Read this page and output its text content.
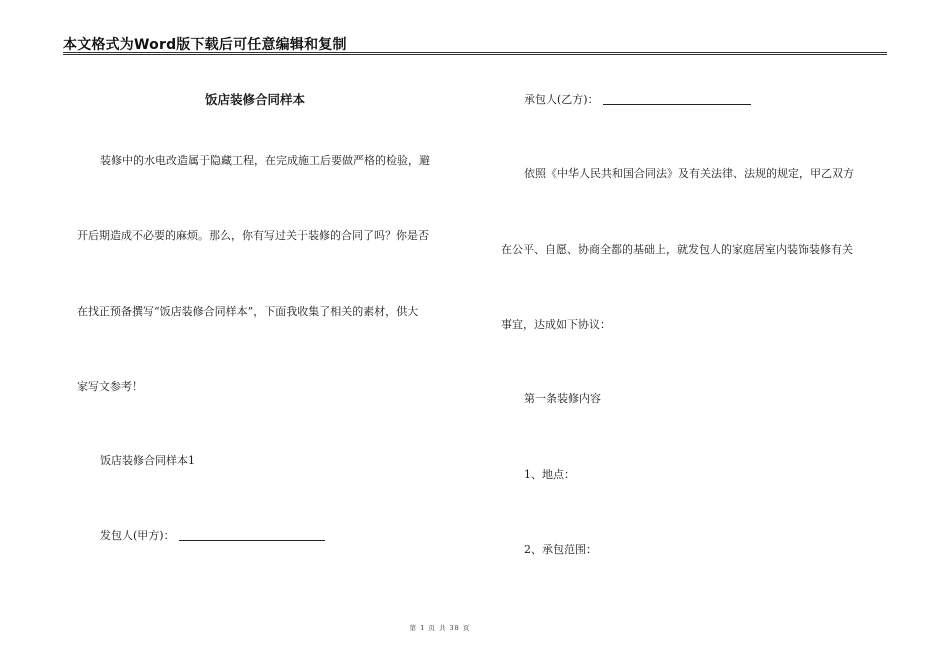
本文格式为Word版下载后可任意编辑和复制
饭店装修合同样本
装修中的水电改造属于隐藏工程，在完成施工后要做严格的检验，避
开后期造成不必要的麻烦。那么，你有写过关于装修的合同了吗？你是否
在找正预备撰写“饭店装修合同样本”，下面我收集了相关的素材，供大
家写文参考！
饭店装修合同样本1
发包人(甲方)：
承包人(乙方)：
依照《中华人民共和国合同法》及有关法律、法规的规定，甲乙双方
在公平、自愿、协商全都的基础上，就发包人的家庭居室内装饰装修有关
事宜，达成如下协议：
第一条装修内容
1、地点：
2、承包范围：
第 1 页 共 38 页
